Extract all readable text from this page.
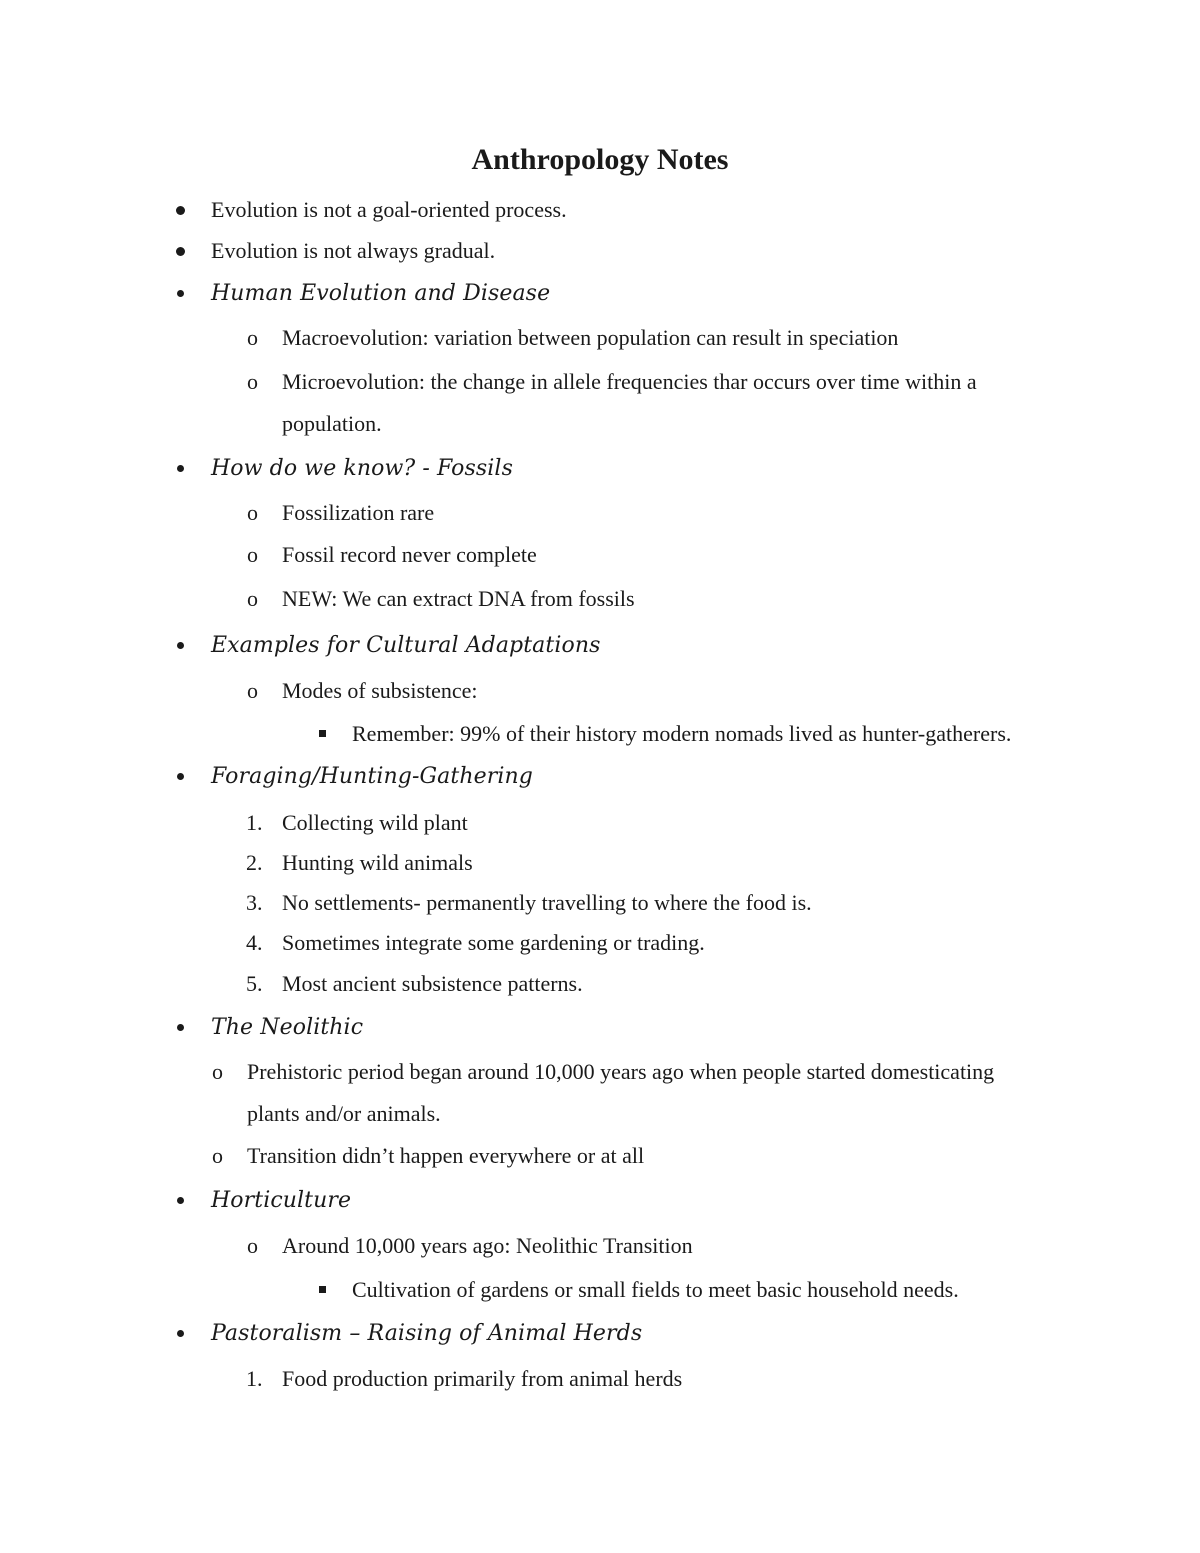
Anthropology Notes
Evolution is not a goal-oriented process.
Evolution is not always gradual.
Human Evolution and Disease
o Macroevolution: variation between population can result in speciation
o Microevolution: the change in allele frequencies thar occurs over time within a
population.
How do we know? - Fossils
o Fossilization rare
o Fossil record never complete
o NEW: We can extract DNA from fossils
Examples for Cultural Adaptations
o Modes of subsistence:
Remember: 99% of their history modern nomads lived as hunter-gatherers.
Foraging/Hunting-Gathering
1. Collecting wild plant
2. Hunting wild animals
3. No settlements- permanently travelling to where the food is.
4. Sometimes integrate some gardening or trading.
5. Most ancient subsistence patterns.
The Neolithic
o Prehistoric period began around 10,000 years ago when people started domesticating
plants and/or animals.
o Transition didn’t happen everywhere or at all
Horticulture
o Around 10,000 years ago: Neolithic Transition
Cultivation of gardens or small fields to meet basic household needs.
Pastoralism – Raising of Animal Herds
1. Food production primarily from animal herds
